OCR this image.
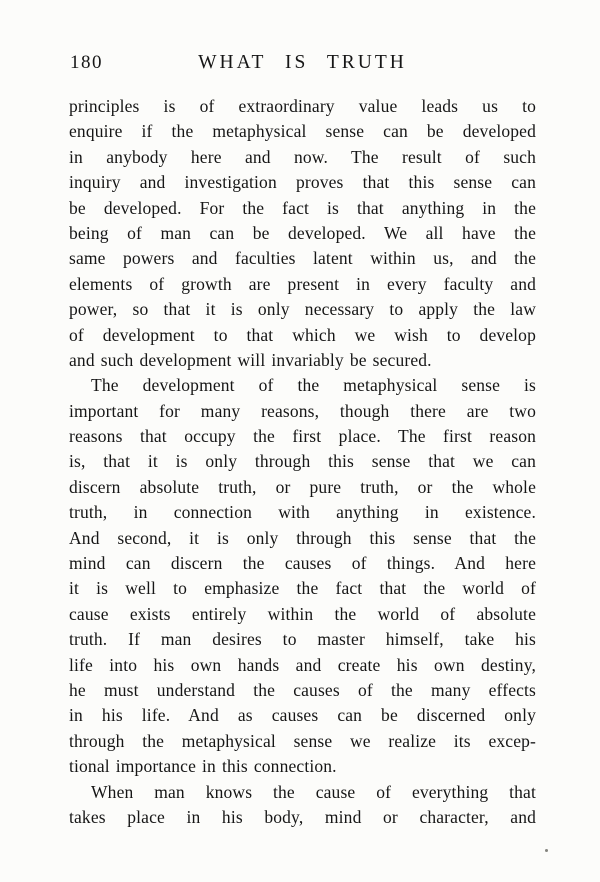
180	WHAT IS TRUTH
principles is of extraordinary value leads us to
enquire if the metaphysical sense can be developed
in anybody here and now. The result of such
inquiry and investigation proves that this sense can
be developed. For the fact is that anything in the
being of man can be developed. We all have the
same powers and faculties latent within us, and the
elements of growth are present in every faculty and
power, so that it is only necessary to apply the law
of development to that which we wish to develop
and such development will invariably be secured.
The development of the metaphysical sense is
important for many reasons, though there are two
reasons that occupy the first place. The first reason
is, that it is only through this sense that we can
discern absolute truth, or pure truth, or the whole
truth, in connection with anything in existence.
And second, it is only through this sense that the
mind can discern the causes of things. And here
it is well to emphasize the fact that the world of
cause exists entirely within the world of absolute
truth. If man desires to master himself, take his
life into his own hands and create his own destiny,
he must understand the causes of the many effects
in his life. And as causes can be discerned only
through the metaphysical sense we realize its excep-
tional importance in this connection.
When man knows the cause of everything that
takes place in his body, mind or character, and
